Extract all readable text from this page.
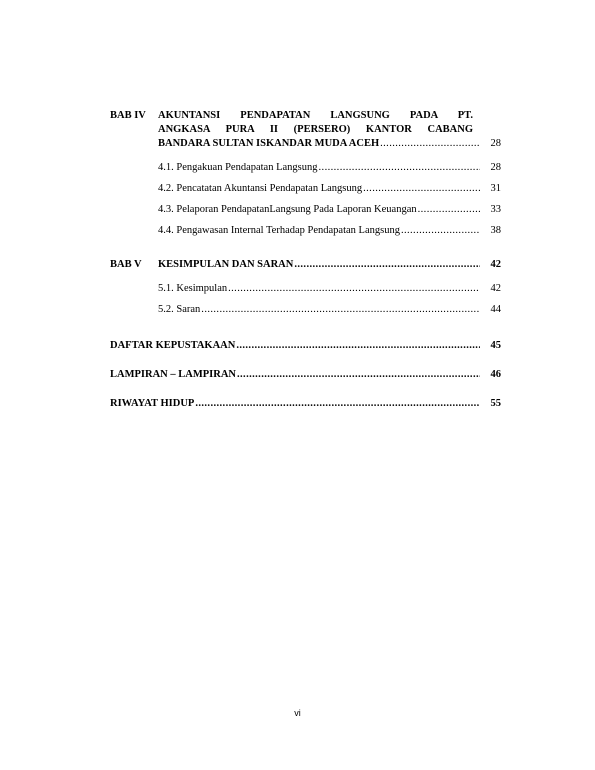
BAB IV	AKUNTANSI PENDAPATAN LANGSUNG PADA PT.
ANGKASA PURA II (PERSERO) KANTOR CABANG
BANDARA SULTAN ISKANDAR MUDA ACEH .....	28
4.1. Pengakuan Pendapatan Langsung .....	28
4.2. Pencatatan Akuntansi Pendapatan Langsung .....	31
4.3. Pelaporan PendapatanLangsung Pada Laporan Keuangan .....	33
4.4. Pengawasan Internal Terhadap Pendapatan Langsung .....	38
BAB V	KESIMPULAN DAN SARAN .....	42
5.1. Kesimpulan .....	42
5.2. Saran .....	44
DAFTAR KEPUSTAKAAN .....	45
LAMPIRAN – LAMPIRAN .....	46
RIWAYAT HIDUP .....	55
vi
